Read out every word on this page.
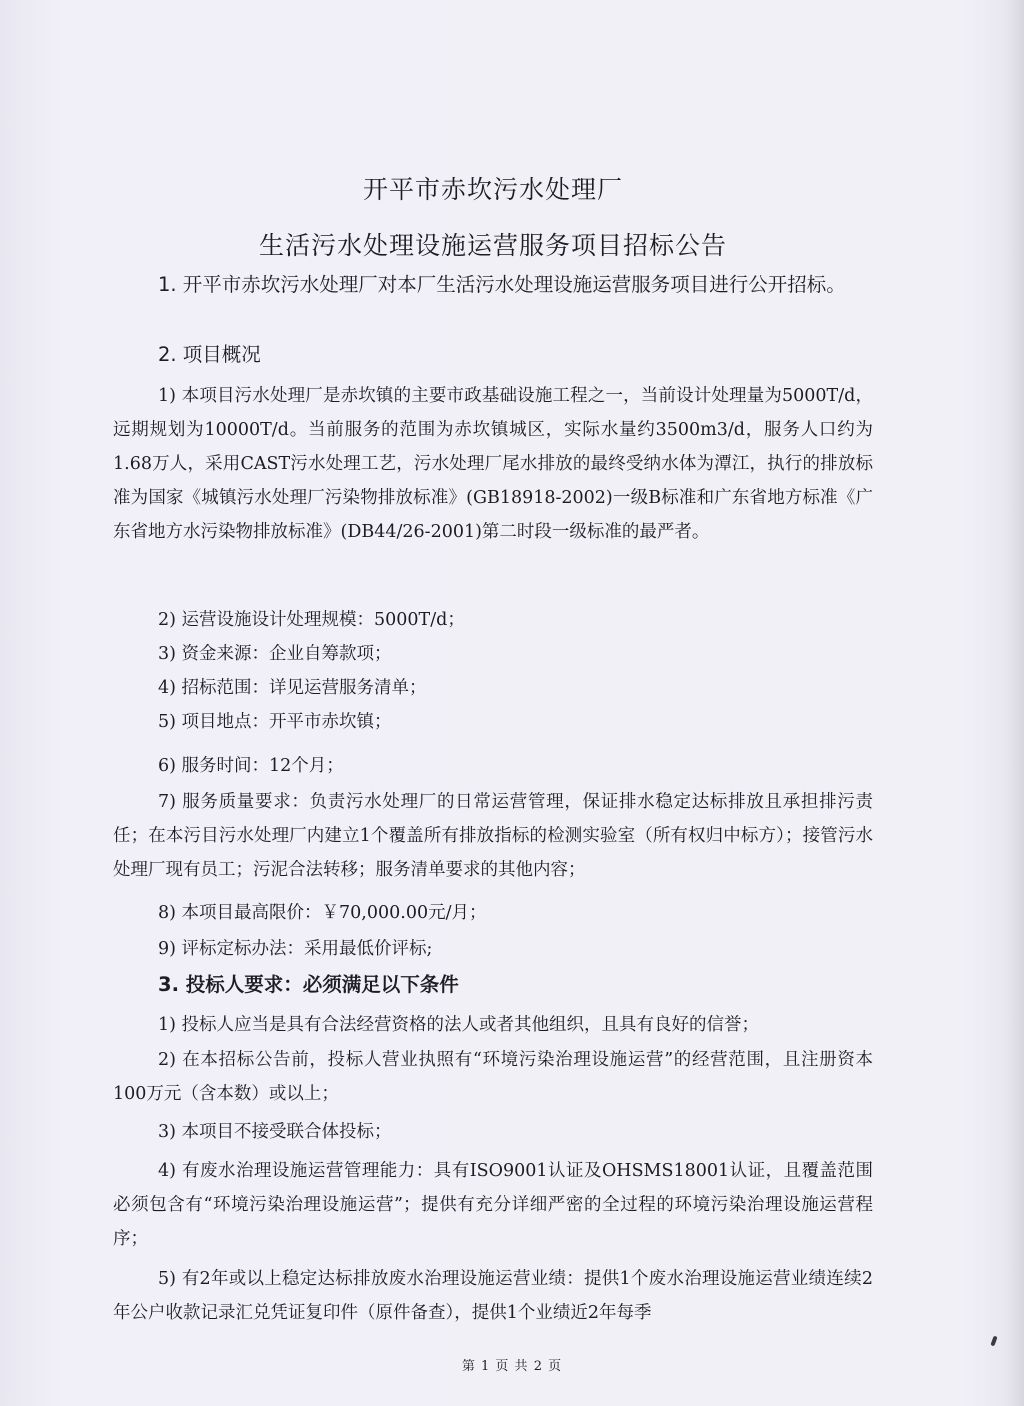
开平市赤坎污水处理厂
生活污水处理设施运营服务项目招标公告

1. 开平市赤坎污水处理厂对本厂生活污水处理设施运营服务项目进行公开招标。

2. 项目概况

1) 本项目污水处理厂是赤坎镇的主要市政基础设施工程之一，当前设计处理量为5000T/d，远期规划为10000T/d。当前服务的范围为赤坎镇城区，实际水量约3500m3/d，服务人口约为1.68万人，采用CAST污水处理工艺，污水处理厂尾水排放的最终受纳水体为潭江，执行的排放标准为国家《城镇污水处理厂污染物排放标准》(GB18918-2002)一级B标准和广东省地方标准《广东省地方水污染物排放标准》(DB44/26-2001)第二时段一级标准的最严者。

2) 运营设施设计处理规模：5000T/d；

3) 资金来源：企业自筹款项；

4) 招标范围：详见运营服务清单；

5) 项目地点：开平市赤坎镇；

6) 服务时间：12个月；

7) 服务质量要求：负责污水处理厂的日常运营管理，保证排水稳定达标排放且承担排污责任；在本污目污水处理厂内建立1个覆盖所有排放指标的检测实验室（所有权归中标方）；接管污水处理厂现有员工；污泥合法转移；服务清单要求的其他内容；

8) 本项目最高限价：￥70,000.00元/月；

9) 评标定标办法：采用最低价评标;

3. 投标人要求：必须满足以下条件

1) 投标人应当是具有合法经营资格的法人或者其他组织，且具有良好的信誉；

2) 在本招标公告前，投标人营业执照有“环境污染治理设施运营”的经营范围，且注册资本100万元（含本数）或以上；

3) 本项目不接受联合体投标；

4) 有废水治理设施运营管理能力：具有ISO9001认证及OHSMS18001认证，且覆盖范围必须包含有“环境污染治理设施运营”；提供有充分详细严密的全过程的环境污染治理设施运营程序；

5) 有2年或以上稳定达标排放废水治理设施运营业绩：提供1个废水治理设施运营业绩连续2年公户收款记录汇兑凭证复印件（原件备查），提供1个业绩近2年每季

第 1 页 共 2 页
